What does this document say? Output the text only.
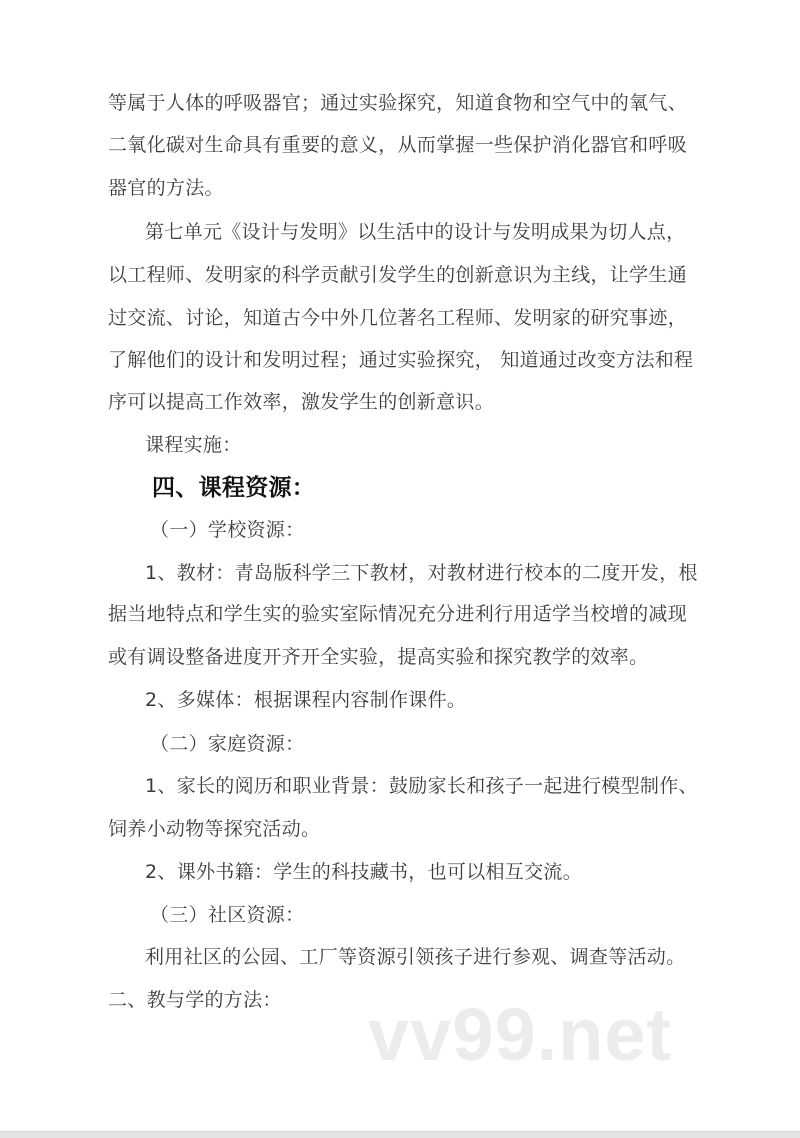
等属于人体的呼吸器官；通过实验探究，知道食物和空气中的氧气、
二氧化碳对生命具有重要的意义，从而掌握一些保护消化器官和呼吸
器官的方法。
第七单元《设计与发明》以生活中的设计与发明成果为切人点，
以工程师、发明家的科学贡献引发学生的创新意识为主线，让学生通
过交流、讨论，知道古今中外几位著名工程师、发明家的研究事迹，
了解他们的设计和发明过程；通过实验探究， 知道通过改变方法和程
序可以提高工作效率，激发学生的创新意识。
课程实施：
四、课程资源：
（一）学校资源：
1、教材：青岛版科学三下教材，对教材进行校本的二度开发，根
据当地特点和学生实的验实室际情况充分进利行用适学当校增的减现
或有调设整备进度开齐开全实验，提高实验和探究教学的效率。
2、多媒体：根据课程内容制作课件。
（二）家庭资源：
1、家长的阅历和职业背景：鼓励家长和孩子一起进行模型制作、
饲养小动物等探究活动。
2、课外书籍：学生的科技藏书，也可以相互交流。
（三）社区资源：
利用社区的公园、工厂等资源引领孩子进行参观、调查等活动。
二、教与学的方法： vv99.net
